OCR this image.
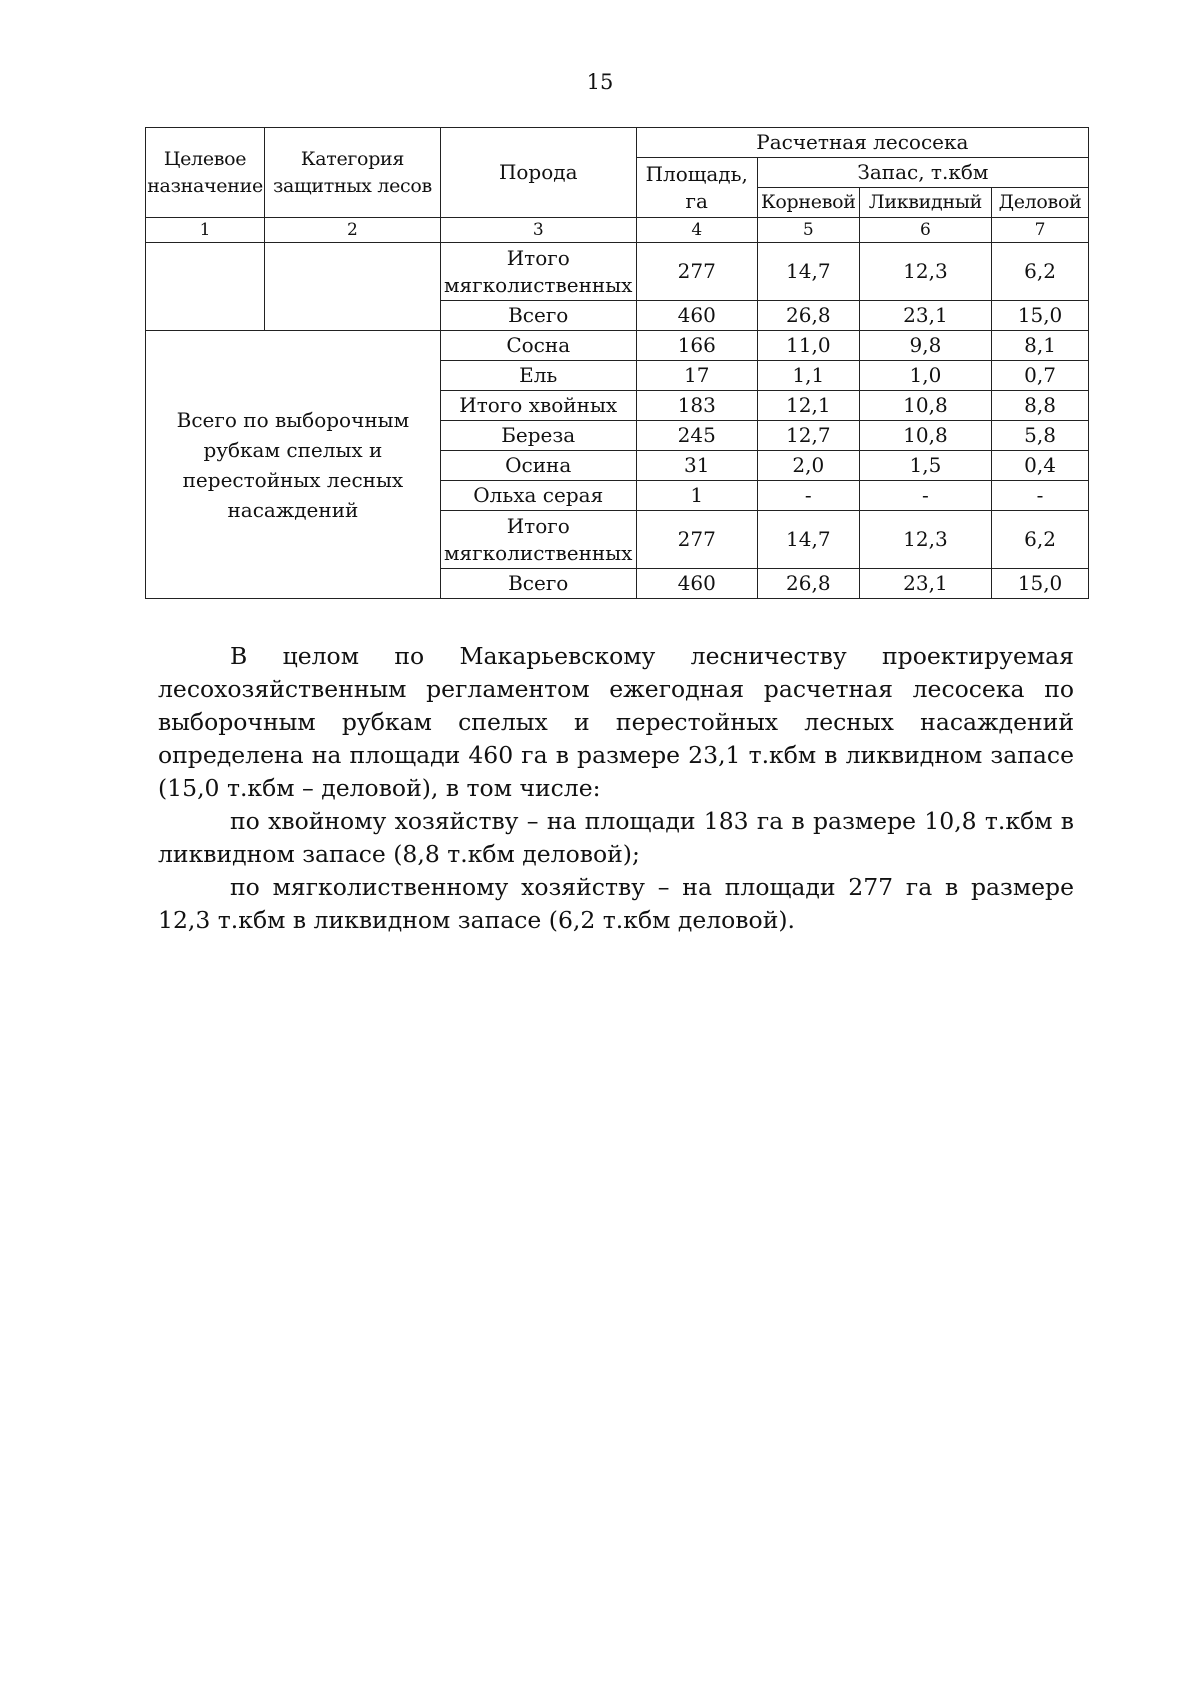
15
Целевое назначение	Категория защитных лесов	Порода	Расчетная лесосека			
			Площадь, га	Запас, т.кбм		
				Корневой	Ликвидный	Деловой
1	2	3	4	5	6	7
		Итого мягколиственных	277	14,7	12,3	6,2
		Всего	460	26,8	23,1	15,0
Всего по выборочным рубкам спелых и перестойных лесных насаждений		Сосна	166	11,0	9,8	8,1
		Ель	17	1,1	1,0	0,7
		Итого хвойных	183	12,1	10,8	8,8
		Береза	245	12,7	10,8	5,8
		Осина	31	2,0	1,5	0,4
		Ольха серая	1	-	-	-
		Итого мягколиственных	277	14,7	12,3	6,2
		Всего	460	26,8	23,1	15,0

В целом по Макарьевскому лесничеству проектируемая лесохозяйственным регламентом ежегодная расчетная лесосека по выборочным рубкам спелых и перестойных лесных насаждений определена на площади 460 га в размере 23,1 т.кбм в ликвидном запасе (15,0 т.кбм – деловой), в том числе:

по хвойному хозяйству – на площади 183 га в размере 10,8 т.кбм в ликвидном запасе (8,8 т.кбм деловой);

по мягколиственному хозяйству – на площади 277 га в размере 12,3 т.кбм в ликвидном запасе (6,2 т.кбм деловой).
